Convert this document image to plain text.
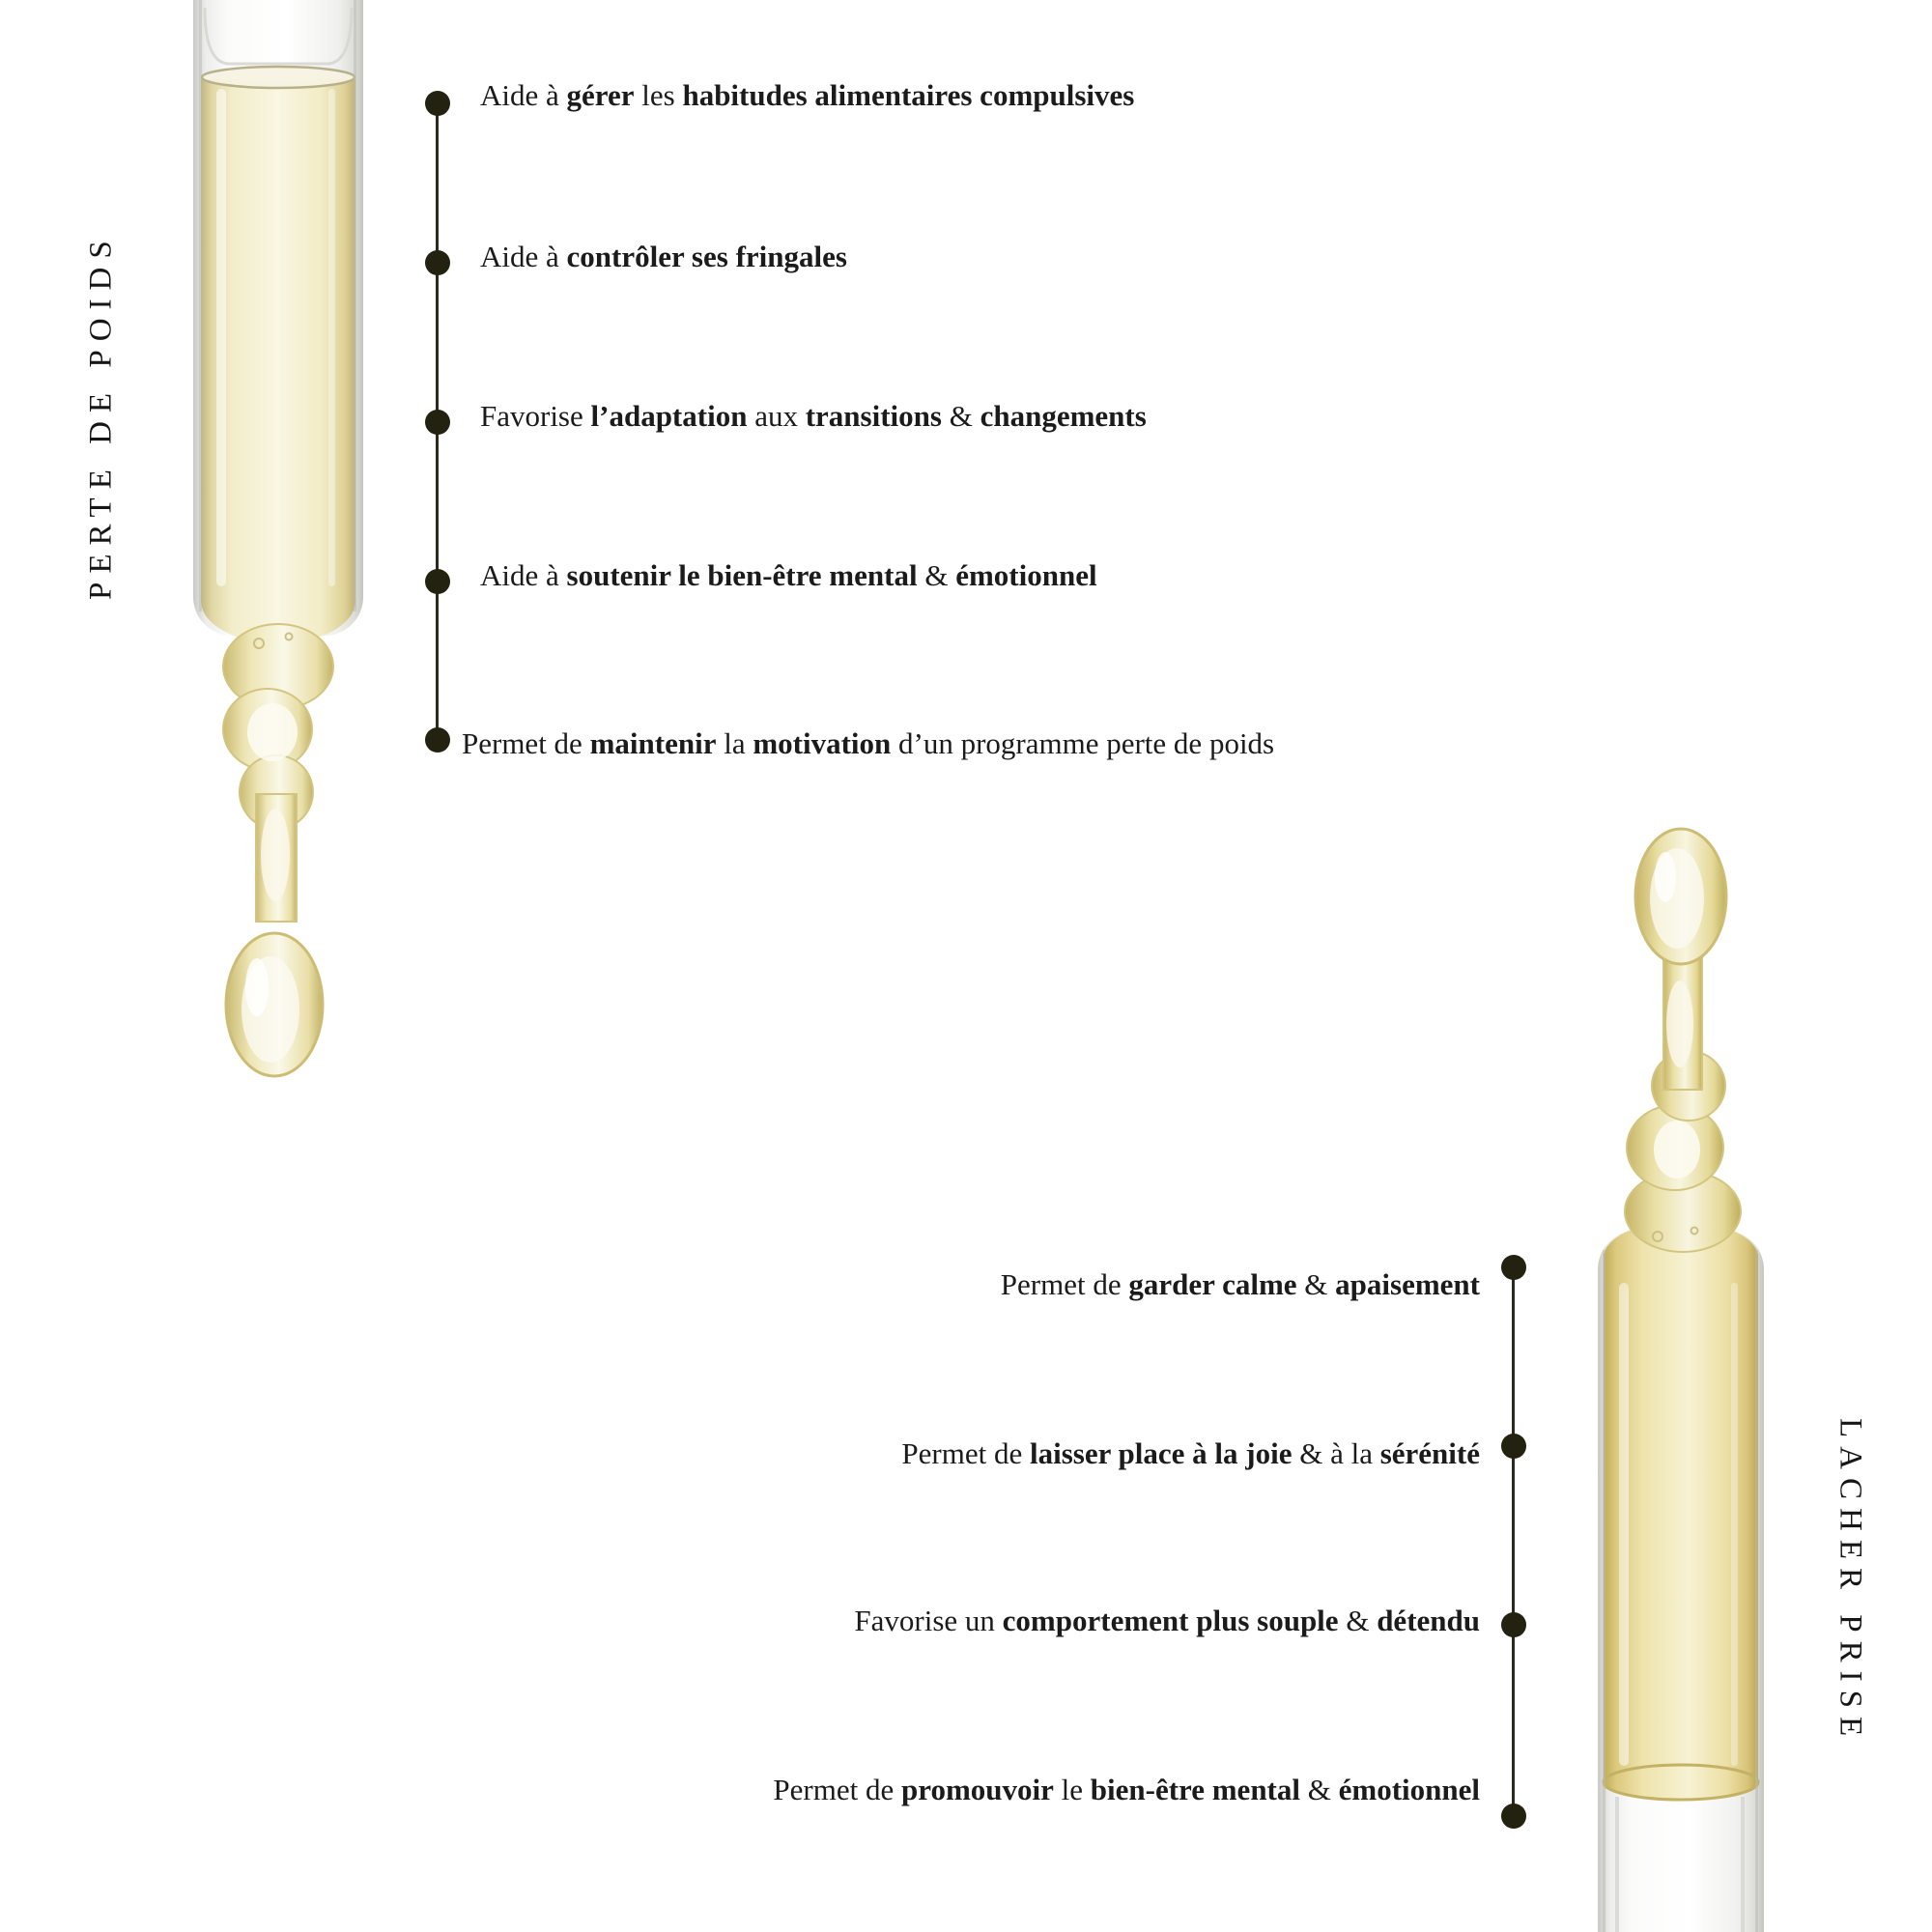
PERTE DE POIDS
LACHER PRISE
Aide à gérer les habitudes alimentaires compulsives
Aide à contrôler ses fringales
Favorise l’adaptation aux transitions & changements
Aide à soutenir le bien-être mental & émotionnel
Permet de maintenir la motivation d’un programme perte de poids
Permet de garder calme & apaisement
Permet de laisser place à la joie & à la sérénité
Favorise un comportement plus souple & détendu
Permet de promouvoir le bien-être mental & émotionnel
